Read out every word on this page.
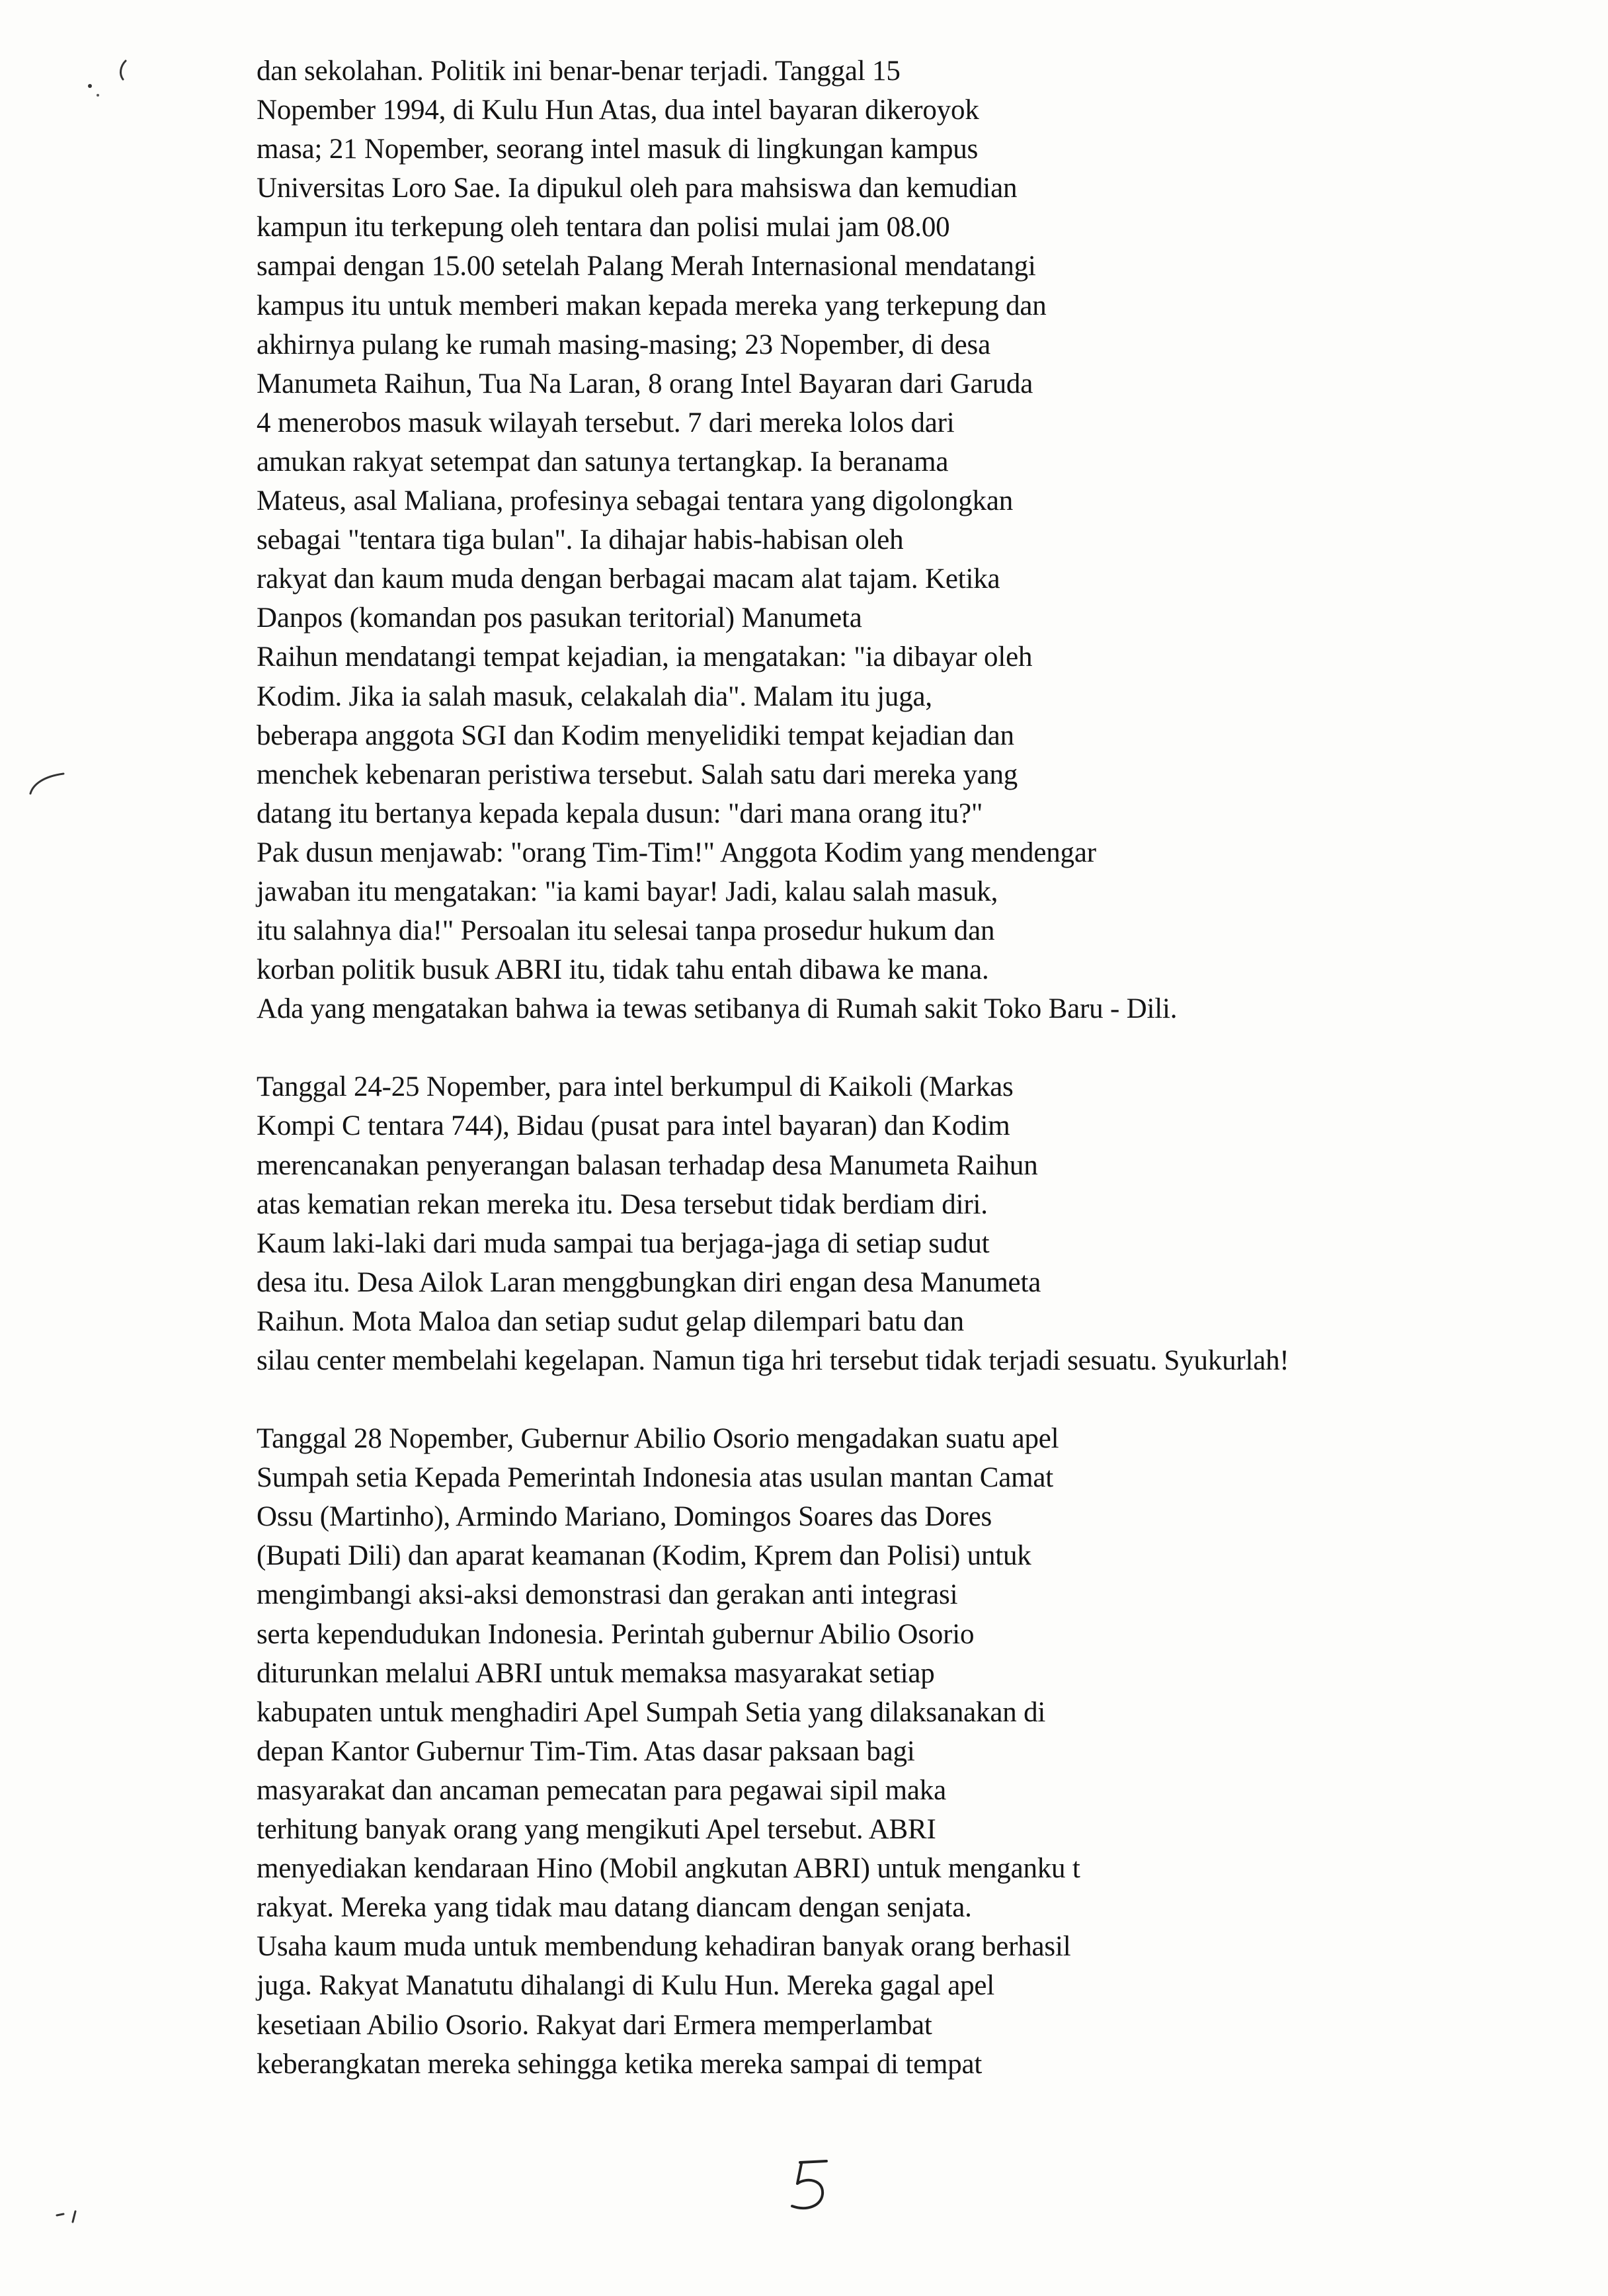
dan sekolahan. Politik ini benar-benar terjadi. Tanggal 15
Nopember 1994, di Kulu Hun Atas, dua intel bayaran dikeroyok
masa; 21 Nopember, seorang intel masuk di lingkungan kampus
Universitas Loro Sae. Ia dipukul oleh para mahsiswa dan kemudian
kampun itu terkepung oleh tentara dan polisi mulai jam 08.00
sampai dengan 15.00 setelah Palang Merah Internasional mendatangi
kampus itu untuk memberi makan kepada mereka yang terkepung dan
akhirnya pulang ke rumah masing-masing; 23 Nopember, di desa
Manumeta Raihun, Tua Na Laran, 8 orang Intel Bayaran dari Garuda
4 menerobos masuk wilayah tersebut. 7 dari mereka lolos dari
amukan rakyat setempat dan satunya tertangkap. Ia beranama
Mateus, asal Maliana, profesinya sebagai tentara yang digolongkan
sebagai "tentara tiga bulan". Ia dihajar habis-habisan oleh
rakyat dan kaum muda dengan berbagai macam alat tajam. Ketika
Danpos (komandan pos pasukan teritorial) Manumeta
Raihun mendatangi tempat kejadian, ia mengatakan: "ia dibayar oleh
Kodim. Jika ia salah masuk, celakalah dia". Malam itu juga,
beberapa anggota SGI dan Kodim menyelidiki tempat kejadian dan
menchek kebenaran peristiwa tersebut. Salah satu dari mereka yang
datang itu bertanya kepada kepala dusun: "dari mana orang itu?"
Pak dusun menjawab: "orang Tim-Tim!" Anggota Kodim yang mendengar
jawaban itu mengatakan: "ia kami bayar! Jadi, kalau salah masuk,
itu salahnya dia!" Persoalan itu selesai tanpa prosedur hukum dan
korban politik busuk ABRI itu, tidak tahu entah dibawa ke mana.
Ada yang mengatakan bahwa ia tewas setibanya di Rumah sakit Toko Baru - Dili.
Tanggal 24-25 Nopember, para intel berkumpul di Kaikoli (Markas
Kompi C tentara 744), Bidau (pusat para intel bayaran) dan Kodim
merencanakan penyerangan balasan terhadap desa Manumeta Raihun
atas kematian rekan mereka itu. Desa tersebut tidak berdiam diri.
Kaum laki-laki dari muda sampai tua berjaga-jaga di setiap sudut
desa itu. Desa Ailok Laran menggbungkan diri engan desa Manumeta
Raihun. Mota Maloa dan setiap sudut gelap dilempari batu dan
silau center membelahi kegelapan. Namun tiga hri tersebut tidak terjadi sesuatu. Syukurlah!
Tanggal 28 Nopember, Gubernur Abilio Osorio mengadakan suatu apel
Sumpah setia Kepada Pemerintah Indonesia atas usulan mantan Camat
Ossu (Martinho), Armindo Mariano, Domingos Soares das Dores
(Bupati Dili) dan aparat keamanan (Kodim, Kprem dan Polisi) untuk
mengimbangi aksi-aksi demonstrasi dan gerakan anti integrasi
serta kependudukan Indonesia. Perintah gubernur Abilio Osorio
diturunkan melalui ABRI untuk memaksa masyarakat setiap
kabupaten untuk menghadiri Apel Sumpah Setia yang dilaksanakan di
depan Kantor Gubernur Tim-Tim. Atas dasar paksaan bagi
masyarakat dan ancaman pemecatan para pegawai sipil maka
terhitung banyak orang yang mengikuti Apel tersebut. ABRI
menyediakan kendaraan Hino (Mobil angkutan ABRI) untuk menganku t
rakyat. Mereka yang tidak mau datang diancam dengan senjata.
Usaha kaum muda untuk membendung kehadiran banyak orang berhasil
juga. Rakyat Manatutu dihalangi di Kulu Hun. Mereka gagal apel
kesetiaan Abilio Osorio. Rakyat dari Ermera memperlambat
keberangkatan mereka sehingga ketika mereka sampai di tempat
